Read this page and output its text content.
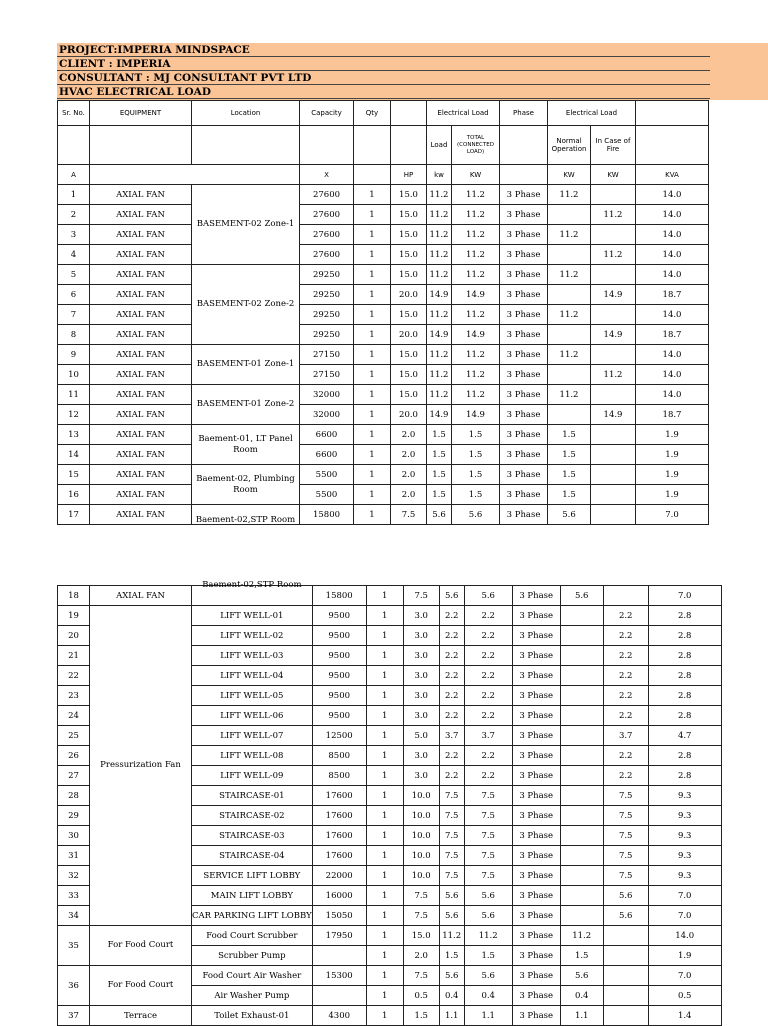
PROJECT:IMPERIA MINDSPACE
CLIENT : IMPERIA
CONSULTANT : MJ CONSULTANT PVT LTD
HVAC ELECTRICAL LOAD
Sr. No.	EQUIPMENT	Location	Capacity	Qty		Electrical Load		Phase	Electrical Load		
						Load	TOTAL (CONNECTED LOAD)		Normal Operation	In Case of Fire	
A			X		HP	kw	KW		KW	KW	KVA
1	AXIAL FAN	BASEMENT-02 Zone-1	27600	1	15.0	11.2	11.2	3 Phase	11.2		14.0
2	AXIAL FAN		27600	1	15.0	11.2	11.2	3 Phase		11.2	14.0
3	AXIAL FAN		27600	1	15.0	11.2	11.2	3 Phase	11.2		14.0
4	AXIAL FAN		27600	1	15.0	11.2	11.2	3 Phase		11.2	14.0
5	AXIAL FAN	BASEMENT-02 Zone-2	29250	1	15.0	11.2	11.2	3 Phase	11.2		14.0
6	AXIAL FAN		29250	1	20.0	14.9	14.9	3 Phase		14.9	18.7
7	AXIAL FAN		29250	1	15.0	11.2	11.2	3 Phase	11.2		14.0
8	AXIAL FAN		29250	1	20.0	14.9	14.9	3 Phase		14.9	18.7
9	AXIAL FAN	BASEMENT-01 Zone-1	27150	1	15.0	11.2	11.2	3 Phase	11.2		14.0
10	AXIAL FAN		27150	1	15.0	11.2	11.2	3 Phase		11.2	14.0
11	AXIAL FAN	BASEMENT-01 Zone-2	32000	1	15.0	11.2	11.2	3 Phase	11.2		14.0
12	AXIAL FAN		32000	1	20.0	14.9	14.9	3 Phase		14.9	18.7
13	AXIAL FAN	Baement-01, LT Panel Room	6600	1	2.0	1.5	1.5	3 Phase	1.5		1.9
14	AXIAL FAN		6600	1	2.0	1.5	1.5	3 Phase	1.5		1.9
15	AXIAL FAN	Baement-02, Plumbing Room	5500	1	2.0	1.5	1.5	3 Phase	1.5		1.9
16	AXIAL FAN		5500	1	2.0	1.5	1.5	3 Phase	1.5		1.9
17	AXIAL FAN	Baement-02,STP Room	15800	1	7.5	5.6	5.6	3 Phase	5.6		7.0
18	AXIAL FAN	Baement-02,STP Room	15800	1	7.5	5.6	5.6	3 Phase	5.6		7.0
19	Pressurization Fan	LIFT WELL-01	9500	1	3.0	2.2	2.2	3 Phase		2.2	2.8
20		LIFT WELL-02	9500	1	3.0	2.2	2.2	3 Phase		2.2	2.8
21		LIFT WELL-03	9500	1	3.0	2.2	2.2	3 Phase		2.2	2.8
22		LIFT WELL-04	9500	1	3.0	2.2	2.2	3 Phase		2.2	2.8
23		LIFT WELL-05	9500	1	3.0	2.2	2.2	3 Phase		2.2	2.8
24		LIFT WELL-06	9500	1	3.0	2.2	2.2	3 Phase		2.2	2.8
25		LIFT WELL-07	12500	1	5.0	3.7	3.7	3 Phase		3.7	4.7
26		LIFT WELL-08	8500	1	3.0	2.2	2.2	3 Phase		2.2	2.8
27		LIFT WELL-09	8500	1	3.0	2.2	2.2	3 Phase		2.2	2.8
28		STAIRCASE-01	17600	1	10.0	7.5	7.5	3 Phase		7.5	9.3
29		STAIRCASE-02	17600	1	10.0	7.5	7.5	3 Phase		7.5	9.3
30		STAIRCASE-03	17600	1	10.0	7.5	7.5	3 Phase		7.5	9.3
31		STAIRCASE-04	17600	1	10.0	7.5	7.5	3 Phase		7.5	9.3
32		SERVICE LIFT LOBBY	22000	1	10.0	7.5	7.5	3 Phase		7.5	9.3
33		MAIN LIFT LOBBY	16000	1	7.5	5.6	5.6	3 Phase		5.6	7.0
34		CAR PARKING LIFT LOBBY	15050	1	7.5	5.6	5.6	3 Phase		5.6	7.0
35	For Food Court	Food Court Scrubber	17950	1	15.0	11.2	11.2	3 Phase	11.2		14.0
		Scrubber Pump		1	2.0	1.5	1.5	3 Phase	1.5		1.9
36	For Food Court	Food Court Air Washer	15300	1	7.5	5.6	5.6	3 Phase	5.6		7.0
		Air Washer Pump		1	0.5	0.4	0.4	3 Phase	0.4		0.5
37	Terrace	Toilet Exhaust-01	4300	1	1.5	1.1	1.1	3 Phase	1.1		1.4
